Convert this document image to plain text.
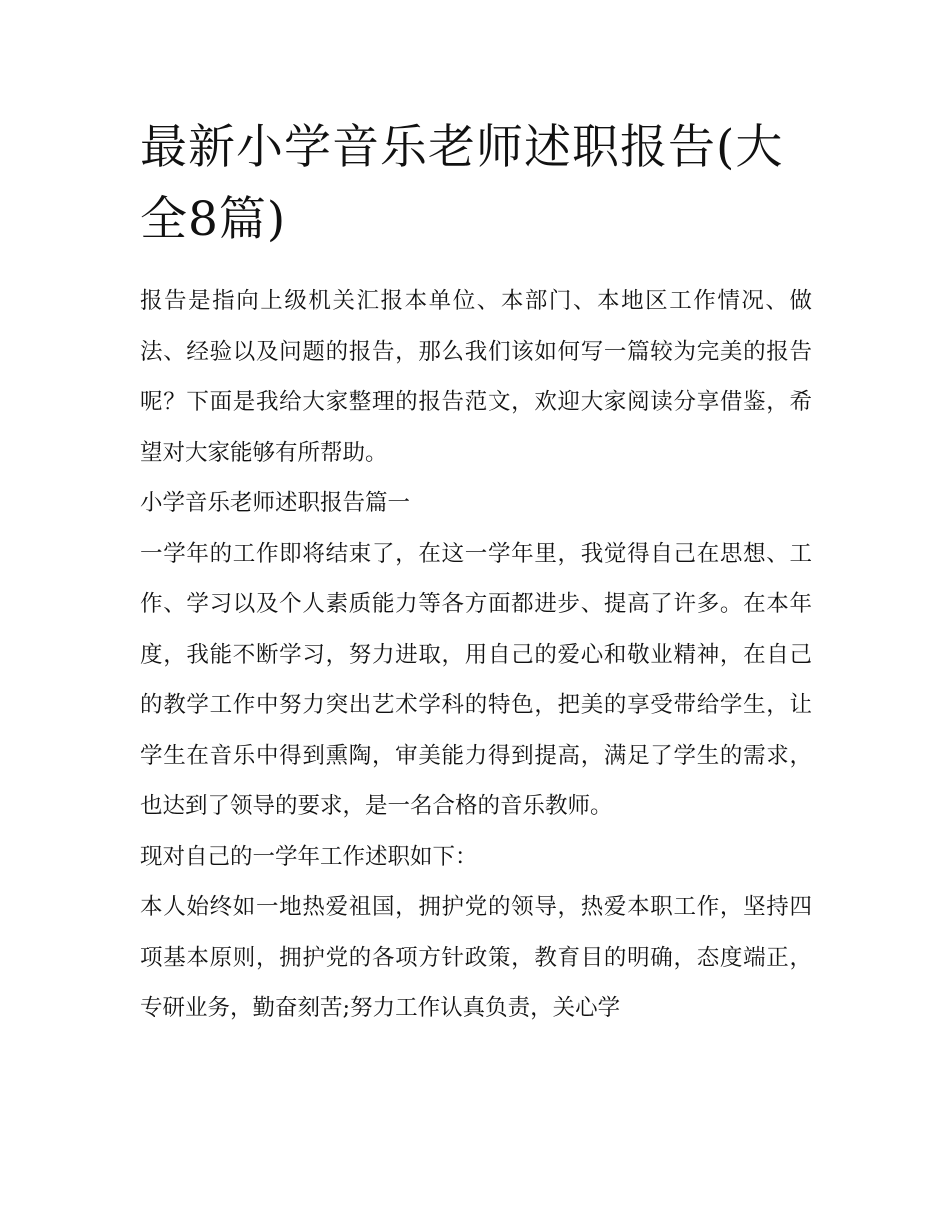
最新小学音乐老师述职报告(大全8篇)

报告是指向上级机关汇报本单位、本部门、本地区工作情况、做法、经验以及问题的报告，那么我们该如何写一篇较为完美的报告呢？下面是我给大家整理的报告范文，欢迎大家阅读分享借鉴，希望对大家能够有所帮助。

小学音乐老师述职报告篇一

一学年的工作即将结束了，在这一学年里，我觉得自己在思想、工作、学习以及个人素质能力等各方面都进步、提高了许多。在本年度，我能不断学习，努力进取，用自己的爱心和敬业精神，在自己的教学工作中努力突出艺术学科的特色，把美的享受带给学生，让学生在音乐中得到熏陶，审美能力得到提高，满足了学生的需求，也达到了领导的要求，是一名合格的音乐教师。

现对自己的一学年工作述职如下：

本人始终如一地热爱祖国，拥护党的领导，热爱本职工作，坚持四项基本原则，拥护党的各项方针政策，教育目的明确，态度端正，专研业务，勤奋刻苦;努力工作认真负责，关心学
